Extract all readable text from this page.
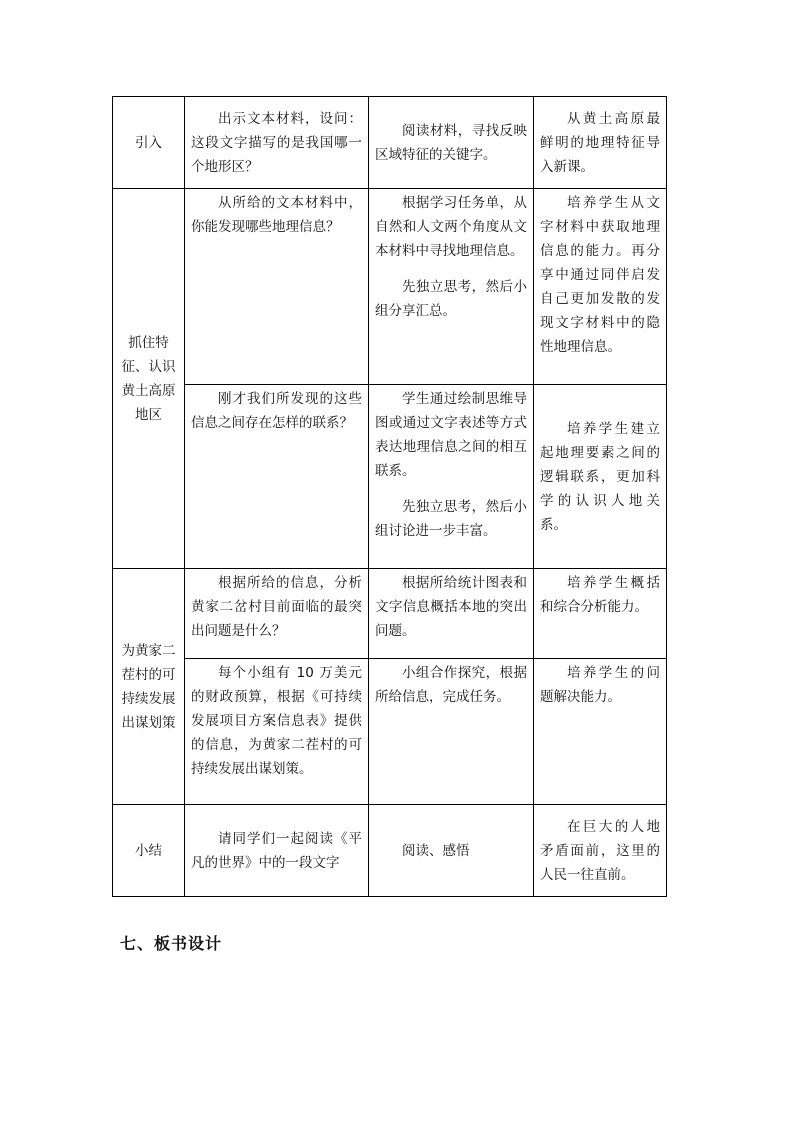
引入	出示文本材料，设问：这段文字描写的是我国哪一个地形区？	阅读材料，寻找反映区域特征的关键字。	从黄土高原最鲜明的地理特征导入新课。

抓住特征、认识黄土高原地区	从所给的文本材料中，你能发现哪些地理信息？	根据学习任务单，从自然和人文两个角度从文本材料中寻找地理信息。

先独立思考，然后小组分享汇总。	培养学生从文字材料中获取地理信息的能力。再分享中通过同伴启发自己更加发散的发现文字材料中的隐性地理信息。

	刚才我们所发现的这些信息之间存在怎样的联系？	学生通过绘制思维导图或通过文字表述等方式表达地理信息之间的相互联系。

先独立思考，然后小组讨论进一步丰富。	培养学生建立起地理要素之间的逻辑联系，更加科学的认识人地关系。

为黄家二茬村的可持续发展出谋划策	根据所给的信息，分析黄家二岔村目前面临的最突出问题是什么？	根据所给统计图表和文字信息概括本地的突出问题。	培养学生概括和综合分析能力。

	每个小组有 10 万美元的财政预算，根据《可持续发展项目方案信息表》提供的信息，为黄家二茬村的可持续发展出谋划策。	小组合作探究，根据所给信息，完成任务。	培养学生的问题解决能力。

小结	请同学们一起阅读《平凡的世界》中的一段文字	阅读、感悟	在巨大的人地矛盾面前，这里的人民一往直前。

七、板书设计
